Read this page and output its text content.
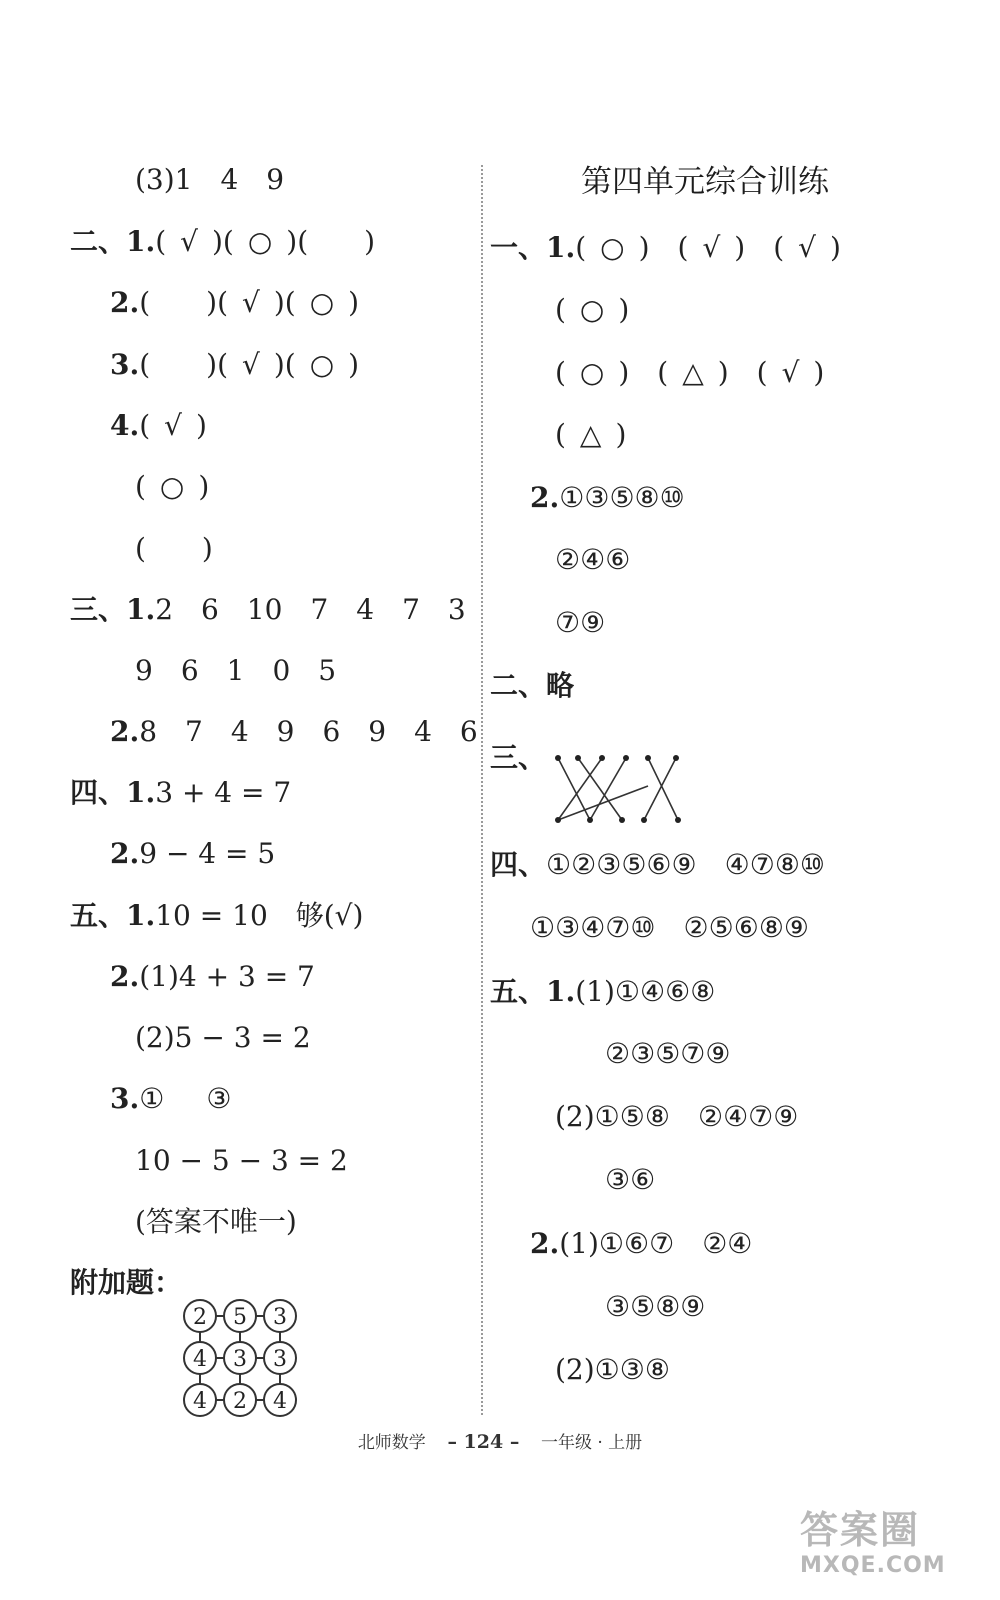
(3)1  4  9
二、1.( √ )( ○ )(    )
2.(    )( √ )( ○ )
3.(    )( √ )( ○ )
4.( √ )
( ○ )
(    )
三、1.2  6  10  7  4  7  3
9  6  1  0  5
2.8  7  4  9  6  9  4  6
四、1.3 + 4 = 7
2.9 − 4 = 5
五、1.10 = 10  够(√)
2.(1)4 + 3 = 7
(2)5 − 3 = 2
3.①   ③
10 − 5 − 3 = 2
(答案不唯一)
附加题：
2 5 3
4 3 3
4 2 4
第四单元综合训练
一、1.( ○ )  ( √ )  ( √ )
( ○ )
( ○ )  ( △ )  ( √ )
( △ )
2.①③⑤⑧⑩
②④⑥
⑦⑨
二、略
三、
四、①②③⑤⑥⑨  ④⑦⑧⑩
①③④⑦⑩  ②⑤⑥⑧⑨
五、1.(1)①④⑥⑧
②③⑤⑦⑨
(2)①⑤⑧  ②④⑦⑨
③⑥
2.(1)①⑥⑦  ②④
③⑤⑧⑨
(2)①③⑧
北师数学 – 124 – 一年级 · 上册
答案圈
MXQE.COM
